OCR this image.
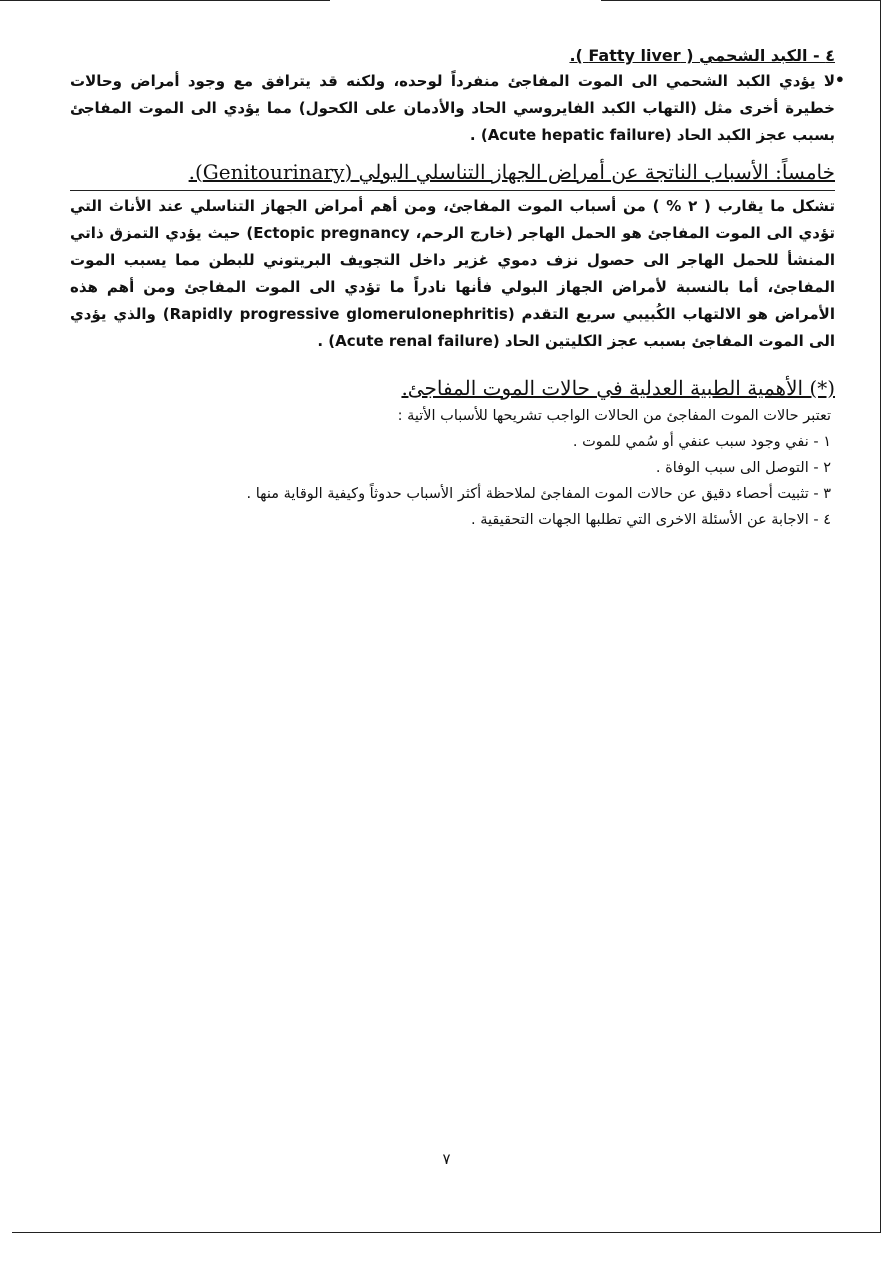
•

٤ - الكبد الشحمي ( Fatty liver ).

لا يؤدي الكبد الشحمي الى الموت المفاجئ منفرداً لوحده، ولكنه قد يترافق مع وجود أمراض وحالات خطيرة أخرى مثل (التهاب الكبد الفايروسي الحاد والأدمان على الكحول) مما يؤدي الى الموت المفاجئ بسبب عجز الكبد الحاد (Acute hepatic failure) .

خامساً: الأسباب الناتجة عن أمراض الجهاز التناسلي البولي (Genitourinary).

تشكل ما يقارب ( ٢ % ) من أسباب الموت المفاجئ، ومن أهم أمراض الجهاز التناسلي عند الأناث التي تؤدي الى الموت المفاجئ هو الحمل الهاجر (خارج الرحم، Ectopic pregnancy) حيث يؤدي التمزق ذاتي المنشأ للحمل الهاجر الى حصول نزف دموي غزير داخل التجويف البريتوني للبطن مما يسبب الموت المفاجئ، أما بالنسبة لأمراض الجهاز البولي فأنها نادراً ما تؤدي الى الموت المفاجئ ومن أهم هذه الأمراض هو الالتهاب الكُبيبي سريع التقدم (Rapidly progressive glomerulonephritis) والذي يؤدي الى الموت المفاجئ بسبب عجز الكليتين الحاد (Acute renal failure) .

(*) الأهمية الطبية العدلية في حالات الموت المفاجئ.

تعتبر حالات الموت المفاجئ من الحالات الواجب تشريحها للأسباب الأتية :

١ - نفي وجود سبب عنفي أو سُمي للموت .
٢ - التوصل الى سبب الوفاة .
٣ - تثبيت أحصاء دقيق عن حالات الموت المفاجئ لملاحظة أكثر الأسباب حدوثاً وكيفية الوقاية منها .
٤ - الاجابة عن الأسئلة الاخرى التي تطلبها الجهات التحقيقية .
٧
